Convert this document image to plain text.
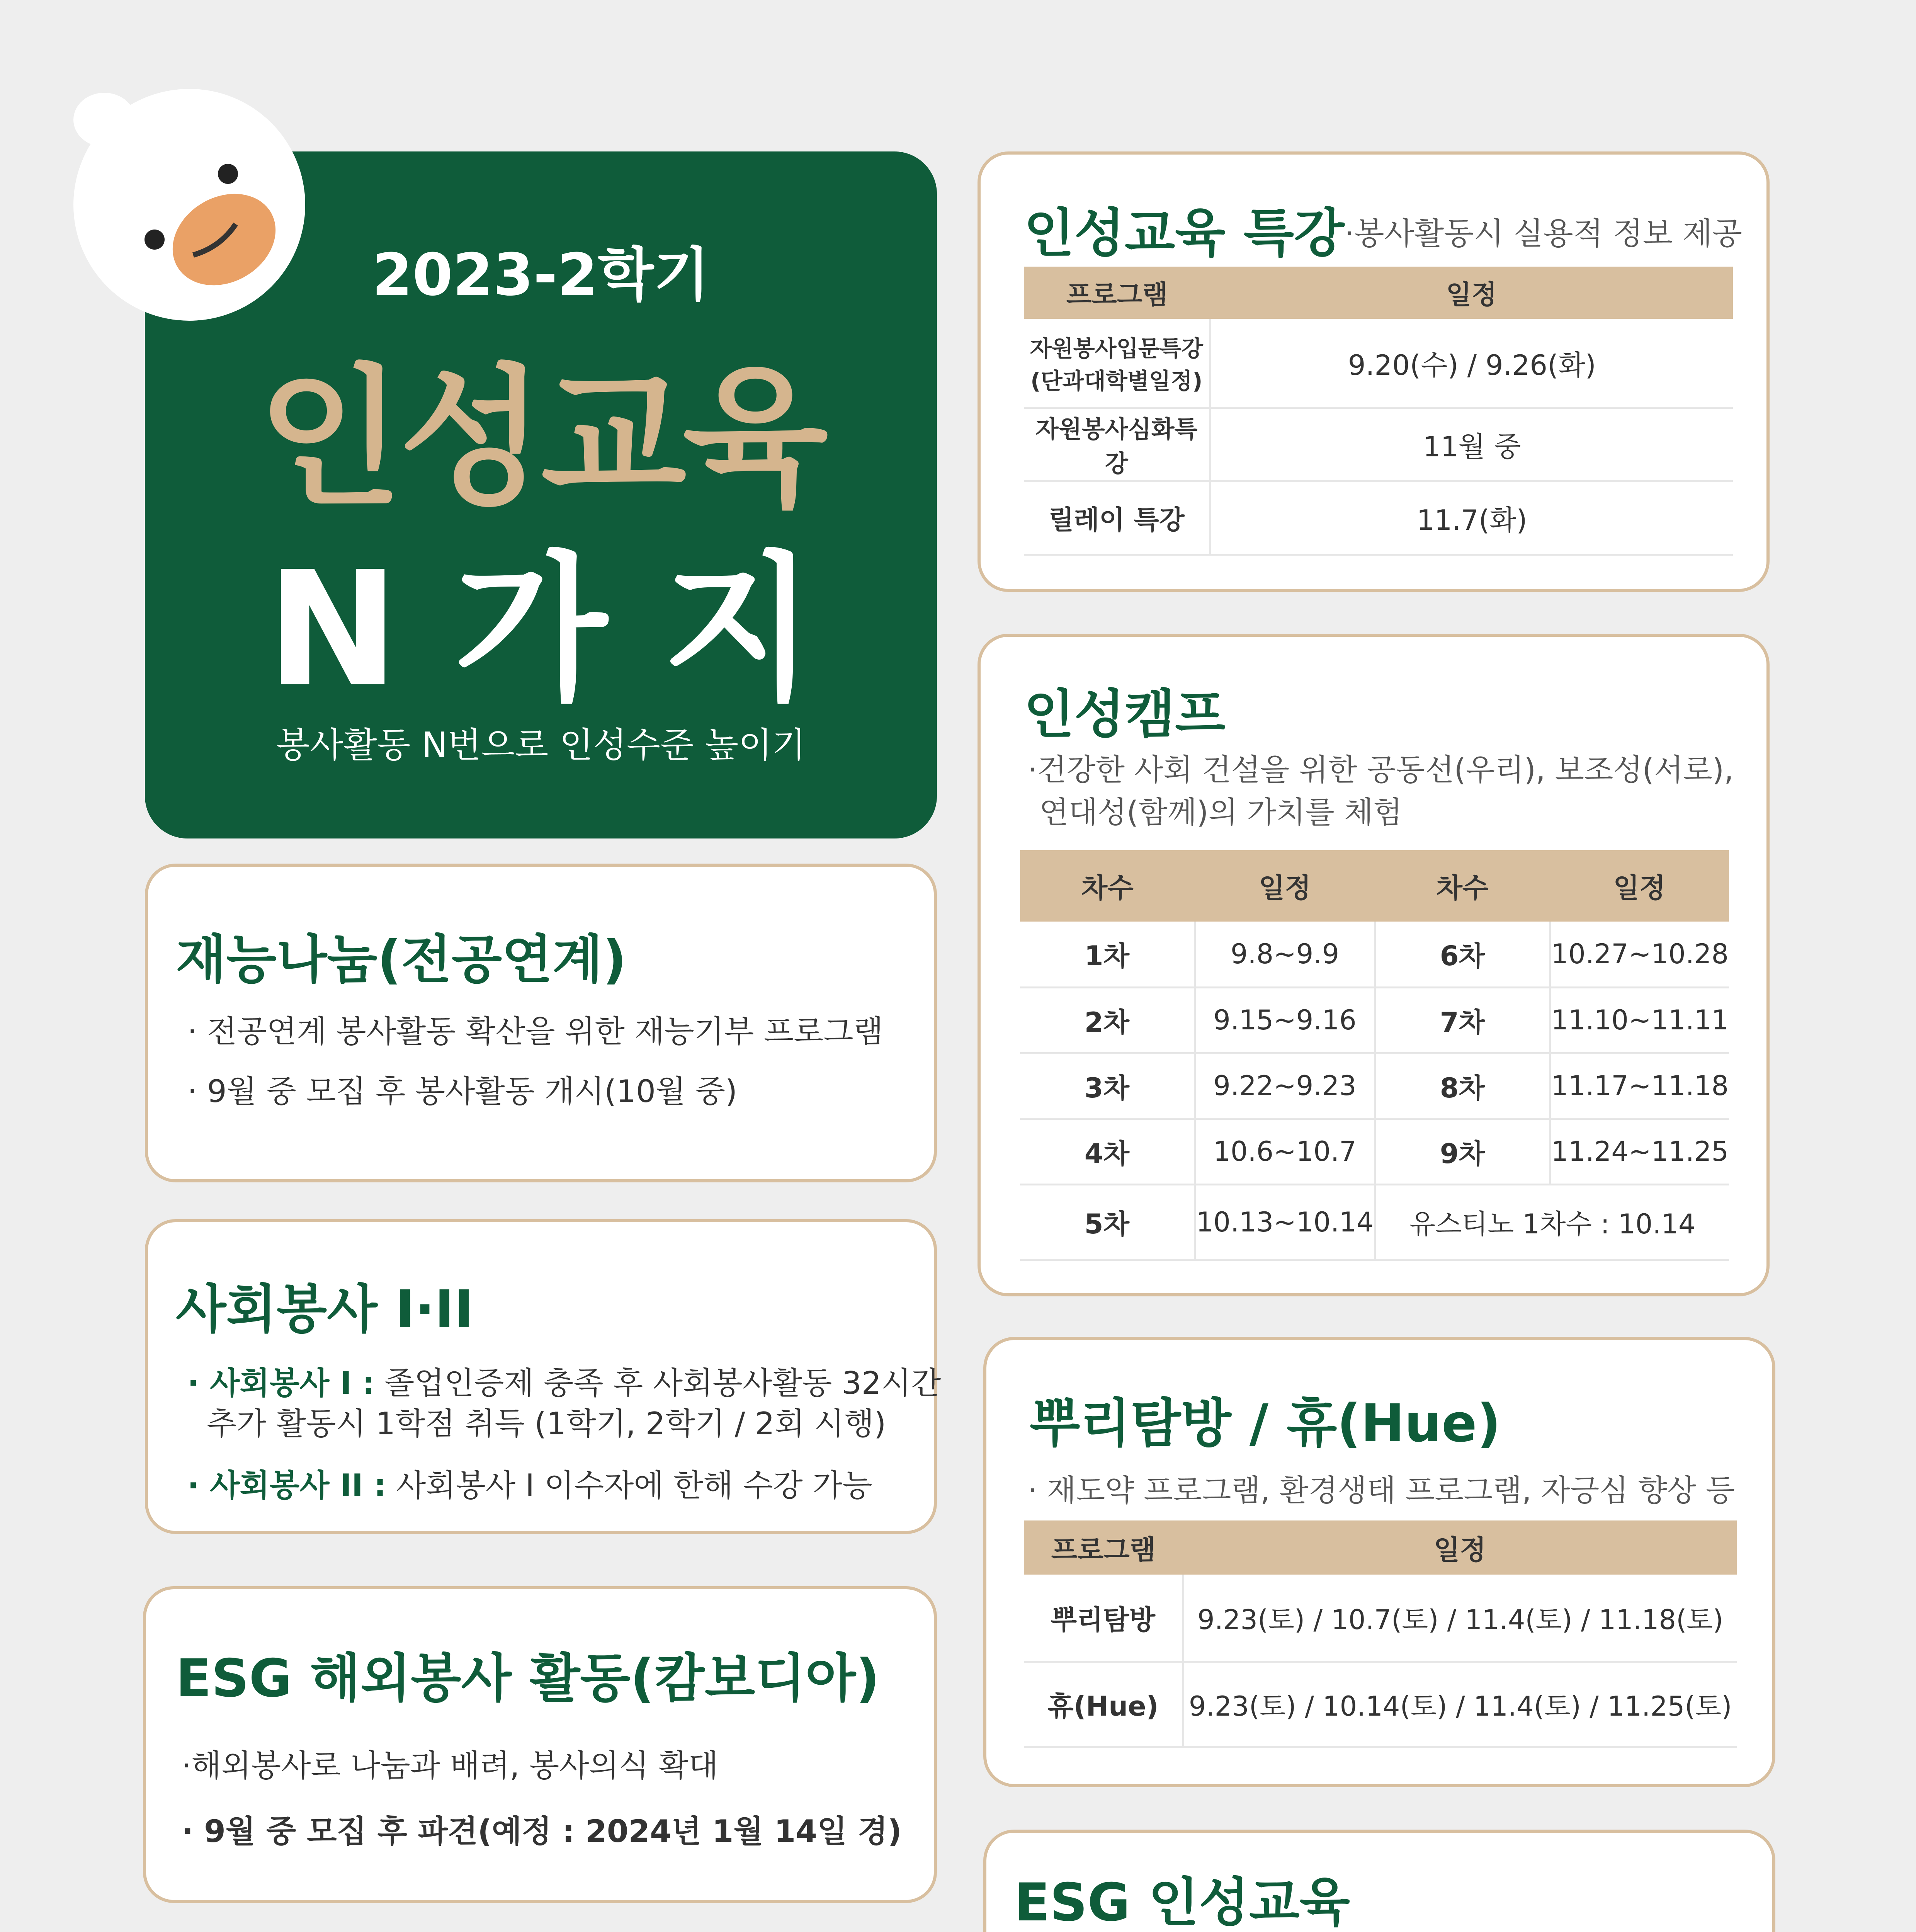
2023-2학기
인성교육
N 가 지
봉사활동 N번으로 인성수준 높이기
재능나눔(전공연계)
· 전공연계 봉사활동 확산을 위한 재능기부 프로그램
· 9월 중 모집 후 봉사활동 개시(10월 중)
사회봉사 I·II
· 사회봉사 I : 졸업인증제 충족 후 사회봉사활동 32시간
추가 활동시 1학점 취득 (1학기, 2학기 / 2회 시행)
· 사회봉사 II : 사회봉사 I 이수자에 한해 수강 가능
ESG 해외봉사 활동(캄보디아)
·해외봉사로 나눔과 배려, 봉사의식 확대
· 9월 중 모집 후 파견(예정 : 2024년 1월 14일 경)
인성교육 특강 ·봉사활동시 실용적 정보 제공
프로그램	일정
자원봉사입문특강
(단과대학별일정)	9.20(수) / 9.26(화)
자원봉사심화특강	11월 중
릴레이 특강	11.7(화)
인성캠프
·건강한 사회 건설을 위한 공동선(우리), 보조성(서로),
연대성(함께)의 가치를 체험
차수	일정	차수	일정
1차	9.8~9.9	6차	10.27~10.28
2차	9.15~9.16	7차	11.10~11.11
3차	9.22~9.23	8차	11.17~11.18
4차	10.6~10.7	9차	11.24~11.25
5차	10.13~10.14	유스티노 1차수 : 10.14	
뿌리탐방 / 휴(Hue)
· 재도약 프로그램, 환경생태 프로그램, 자긍심 향상 등
프로그램	일정
뿌리탐방	9.23(토) / 10.7(토) / 11.4(토) / 11.18(토)
휴(Hue)	9.23(토) / 10.14(토) / 11.4(토) / 11.25(토)
ESG 인성교육
